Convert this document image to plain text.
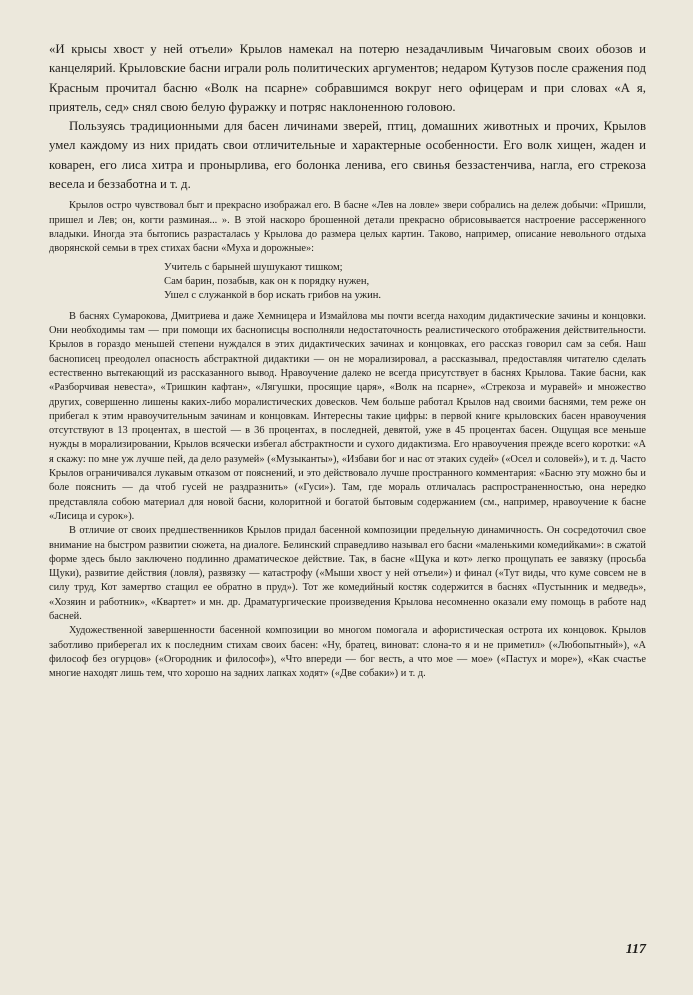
«И крысы хвост у ней отъели» Крылов намекал на потерю незадачливым Чичаговым своих обозов и канцелярий. Крыловские басни играли роль политических аргументов; недаром Кутузов после сражения под Красным прочитал басню «Волк на псарне» собравшимся вокруг него офицерам и при словах «А я, приятель, сед» снял свою белую фуражку и потряс наклоненною головою.

Пользуясь традиционными для басен личинами зверей, птиц, домашних животных и прочих, Крылов умел каждому из них придать свои отличительные и характерные особенности. Его волк хищен, жаден и коварен, его лиса хитра и пронырлива, его болонка ленива, его свинья беззастенчива, нагла, его стрекоза весела и беззаботна и т. д.

Крылов остро чувствовал быт и прекрасно изображал его. В басне «Лев на ловле» звери собрались на дележ добычи: «Пришли, пришел и Лев; он, когти разминая... ». В этой наскоро брошенной детали прекрасно обрисовывается настроение рассерженного владыки. Иногда эта бытопись разрасталась у Крылова до размера целых картин. Таково, например, описание невольного отдыха дворянской семьи в трех стихах басни «Муха и дорожные»:

Учитель с барыней шушукают тишком;
Сам барин, позабыв, как он к порядку нужен,
Ушел с служанкой в бор искать грибов на ужин.

В баснях Сумарокова, Дмитриева и даже Хемницера и Измайлова мы почти всегда находим дидактические зачины и концовки. Они необходимы там — при помощи их баснописцы восполняли недостаточность реалистического отображения действительности. Крылов в гораздо меньшей степени нуждался в этих дидактических зачинах и концовках, его рассказ говорил сам за себя. Наш баснописец преодолел опасность абстрактной дидактики — он не морализировал, а рассказывал, предоставляя читателю сделать естественно вытекающий из рассказанного вывод. Нравоучение далеко не всегда присутствует в баснях Крылова. Такие басни, как «Разборчивая невеста», «Тришкин кафтан», «Лягушки, просящие царя», «Волк на псарне», «Стрекоза и муравей» и множество других, совершенно лишены каких-либо моралистических довесков. Чем больше работал Крылов над своими баснями, тем реже он прибегал к этим нравоучительным зачинам и концовкам. Интересны такие цифры: в первой книге крыловских басен нравоучения отсутствуют в 13 процентах, в шестой — в 36 процентах, в последней, девятой, уже в 45 процентах басен. Ощущая все меньше нужды в морализировании, Крылов всячески избегал абстрактности и сухого дидактизма. Его нравоучения прежде всего коротки: «А я скажу: по мне уж лучше пей, да дело разумей» («Музыканты»), «Избави бог и нас от этаких судей» («Осел и соловей»), и т. д. Часто Крылов ограничивался лукавым отказом от пояснений, и это действовало лучше пространного комментария: «Басню эту можно бы и боле пояснить — да чтоб гусей не раздразнить» («Гуси»). Там, где мораль отличалась распространенностью, она нередко представляла собою материал для новой басни, колоритной и богатой бытовым содержанием (см., например, нравоучение к басне «Лисица и сурок»).

В отличие от своих предшественников Крылов придал басенной композиции предельную динамичность. Он сосредоточил свое внимание на быстром развитии сюжета, на диалоге. Белинский справедливо называл его басни «маленькими комедийками»: в сжатой форме здесь было заключено подлинно драматическое действие. Так, в басне «Щука и кот» легко прощупать ее завязку (просьба Щуки), развитие действия (ловля), развязку — катастрофу («Мыши хвост у ней отъели») и финал («Тут виды, что куме совсем не в силу труд, Кот замертво стащил ее обратно в пруд»). Тот же комедийный костяк содержится в баснях «Пустынник и медведь», «Хозяин и работник», «Квартет» и мн. др. Драматургические произведения Крылова несомненно оказали ему помощь в работе над басней.

Художественной завершенности басенной композиции во многом помогала и афористическая острота их концовок. Крылов заботливо приберегал их к последним стихам своих басен: «Ну, братец, виноват: слона-то я и не приметил» («Любопытный»), «А философ без огурцов» («Огородник и философ»), «Что впереди — бог весть, а что мое — мое» («Пастух и море»), «Как счастье многие находят лишь тем, что хорошо на задних лапках ходят» («Две собаки») и т. д.

117
